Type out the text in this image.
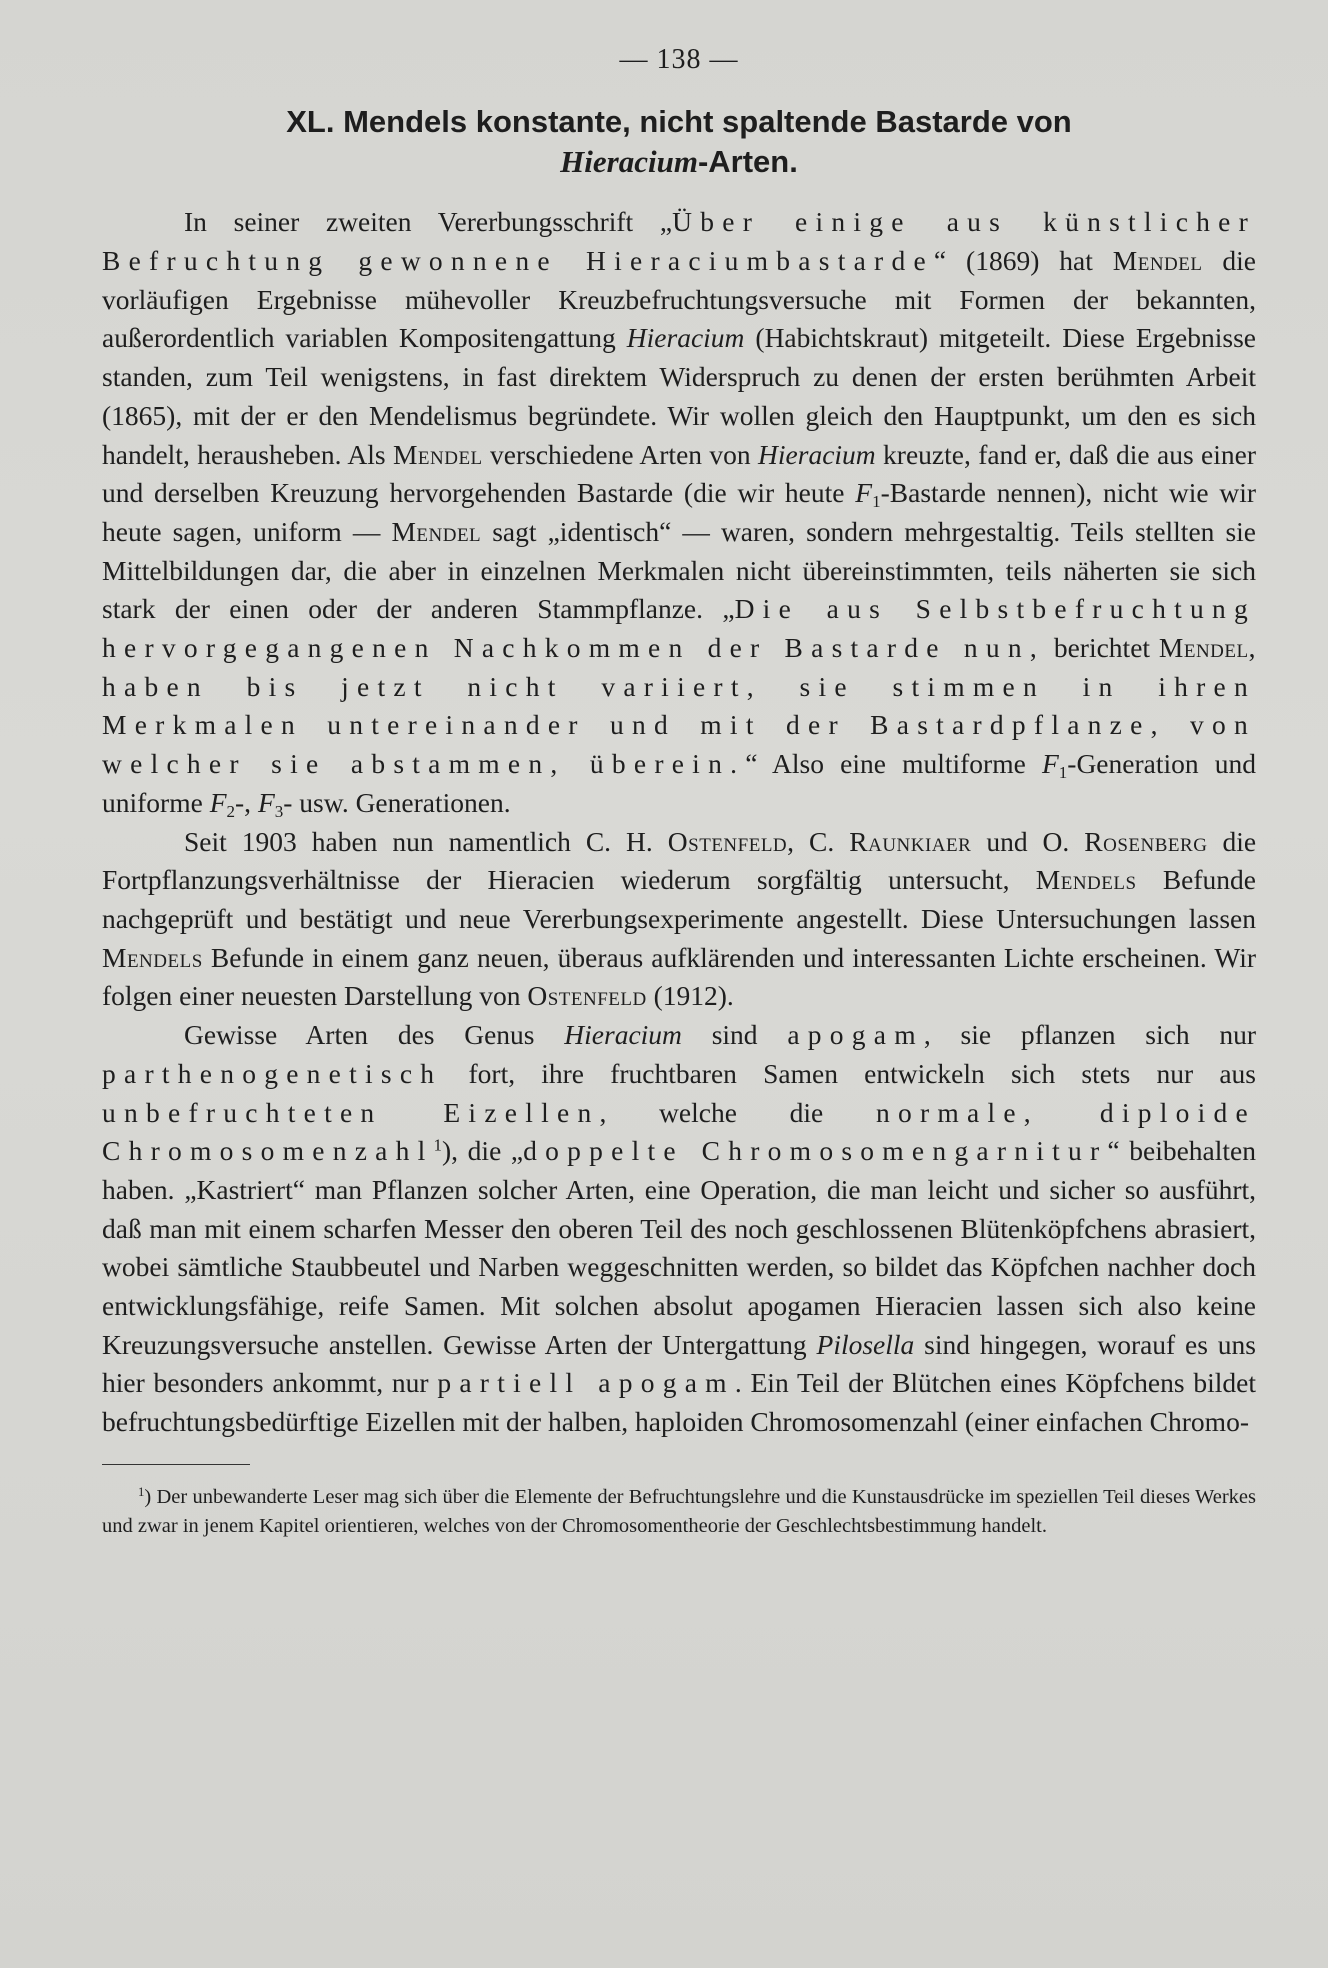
— 138 —
XL. Mendels konstante, nicht spaltende Bastarde von
Hieracium-Arten.

In seiner zweiten Vererbungsschrift „Über einige aus künstlicher Befruchtung gewonnene Hieraciumbastarde“ (1869) hat Mendel die vorläufigen Ergebnisse mühevoller Kreuzbefruchtungsversuche mit Formen der bekannten, außerordentlich variablen Kompositengattung Hieracium (Habichtskraut) mitgeteilt. Diese Ergebnisse standen, zum Teil wenigstens, in fast direktem Widerspruch zu denen der ersten berühmten Arbeit (1865), mit der er den Mendelismus begründete. Wir wollen gleich den Hauptpunkt, um den es sich handelt, herausheben. Als Mendel verschiedene Arten von Hieracium kreuzte, fand er, daß die aus einer und derselben Kreuzung hervorgehenden Bastarde (die wir heute $F_1$-Bastarde nennen), nicht wie wir heute sagen, uniform — Mendel sagt „identisch“ — waren, sondern mehrgestaltig. Teils stellten sie Mittelbildungen dar, die aber in einzelnen Merkmalen nicht übereinstimmten, teils näherten sie sich stark der einen oder der anderen Stammpflanze. „Die aus Selbstbefruchtung hervorgegangenen Nachkommen der Bastarde nun, berichtet Mendel, haben bis jetzt nicht variiert, sie stimmen in ihren Merkmalen untereinander und mit der Bastardpflanze, von welcher sie abstammen, überein.“ Also eine multiforme $F_1$-Generation und uniforme $F_2-$, $F_3-$ usw. Generationen.

Seit 1903 haben nun namentlich C. H. Ostenfeld, C. Raunkiaer und O. Rosenberg die Fortpflanzungsverhältnisse der Hieracien wiederum sorgfältig untersucht, Mendels Befunde nachgeprüft und bestätigt und neue Vererbungsexperimente angestellt. Diese Untersuchungen lassen Mendels Befunde in einem ganz neuen, überaus aufklärenden und interessanten Lichte erscheinen. Wir folgen einer neuesten Darstellung von Ostenfeld (1912).

Gewisse Arten des Genus Hieracium sind apogam, sie pflanzen sich nur parthenogenetisch fort, ihre fruchtbaren Samen entwickeln sich stets nur aus unbefruchteten Eizellen, welche die normale, diploide Chromosomenzahl$^1$), die „doppelte Chromosomengarnitur“ beibehalten haben. „Kastriert“ man Pflanzen solcher Arten, eine Operation, die man leicht und sicher so ausführt, daß man mit einem scharfen Messer den oberen Teil des noch geschlossenen Blütenköpfchens abrasiert, wobei sämtliche Staubbeutel und Narben weggeschnitten werden, so bildet das Köpfchen nachher doch entwicklungsfähige, reife Samen. Mit solchen absolut apogamen Hieracien lassen sich also keine Kreuzungsversuche anstellen. Gewisse Arten der Untergattung Pilosella sind hingegen, worauf es uns hier besonders ankommt, nur partiell apogam. Ein Teil der Blütchen eines Köpfchens bildet befruchtungsbedürftige Eizellen mit der halben, haploiden Chromosomenzahl (einer einfachen Chromo-

$^1$) Der unbewanderte Leser mag sich über die Elemente der Befruchtungslehre und die Kunstausdrücke im speziellen Teil dieses Werkes und zwar in jenem Kapitel orientieren, welches von der Chromosomentheorie der Geschlechtsbestimmung handelt.
